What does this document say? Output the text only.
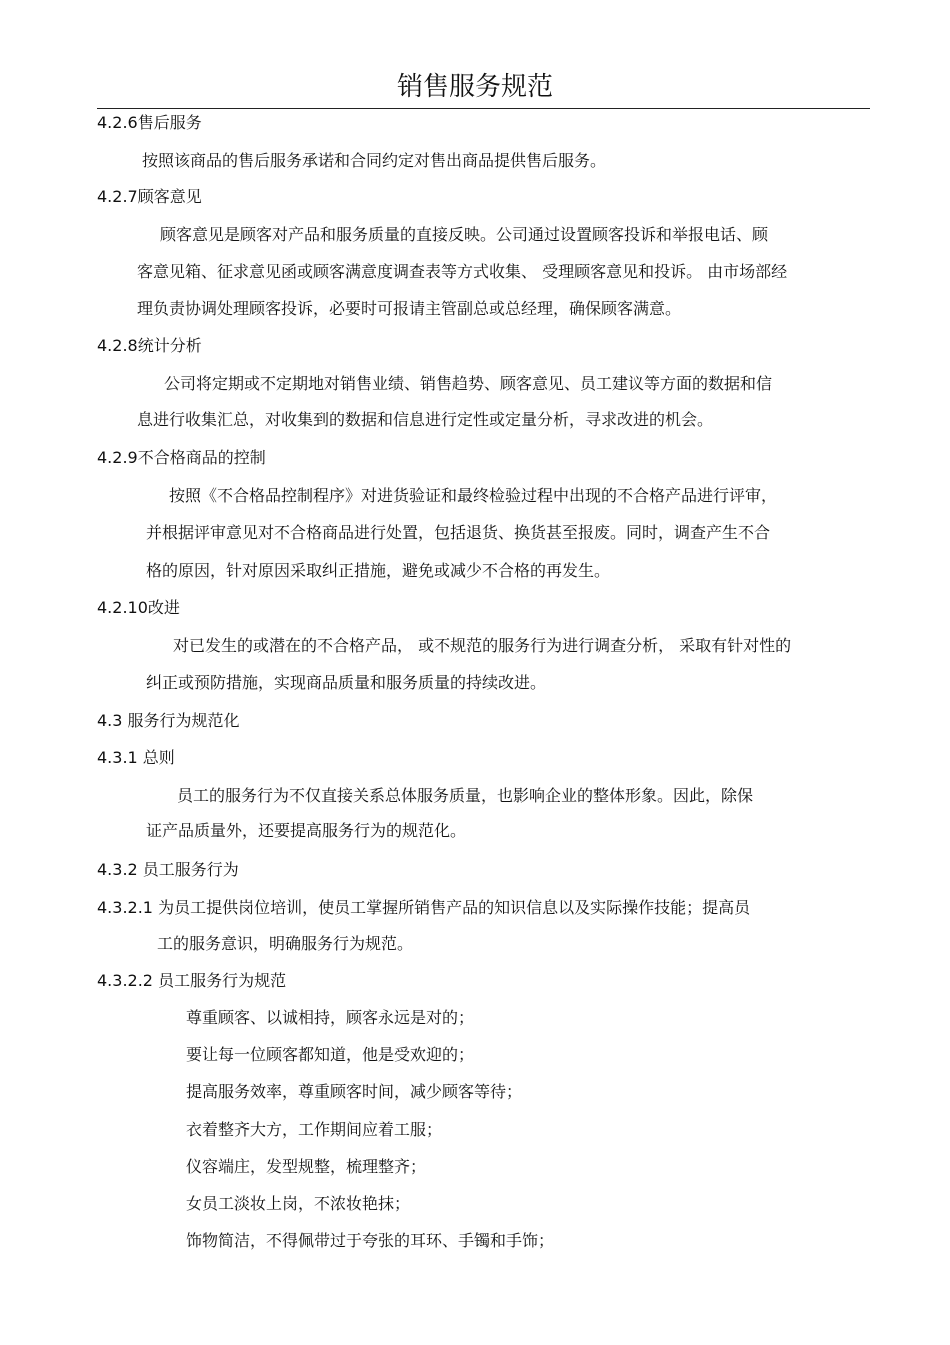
销售服务规范
4.2.6售后服务
按照该商品的售后服务承诺和合同约定对售出商品提供售后服务。
4.2.7顾客意见
顾客意见是顾客对产品和服务质量的直接反映。公司通过设置顾客投诉和举报电话、顾
客意见箱、征求意见函或顾客满意度调查表等方式收集、 受理顾客意见和投诉。 由市场部经
理负责协调处理顾客投诉，必要时可报请主管副总或总经理，确保顾客满意。
4.2.8统计分析
公司将定期或不定期地对销售业绩、销售趋势、顾客意见、员工建议等方面的数据和信
息进行收集汇总，对收集到的数据和信息进行定性或定量分析，寻求改进的机会。
4.2.9不合格商品的控制
按照《不合格品控制程序》对进货验证和最终检验过程中出现的不合格产品进行评审，
并根据评审意见对不合格商品进行处置，包括退货、换货甚至报废。同时，调查产生不合
格的原因，针对原因采取纠正措施，避免或减少不合格的再发生。
4.2.10改进
对已发生的或潜在的不合格产品， 或不规范的服务行为进行调查分析， 采取有针对性的
纠正或预防措施，实现商品质量和服务质量的持续改进。
4.3 服务行为规范化
4.3.1 总则
员工的服务行为不仅直接关系总体服务质量，也影响企业的整体形象。因此，除保
证产品质量外，还要提高服务行为的规范化。
4.3.2 员工服务行为
4.3.2.1 为员工提供岗位培训，使员工掌握所销售产品的知识信息以及实际操作技能；提高员
工的服务意识，明确服务行为规范。
4.3.2.2 员工服务行为规范
尊重顾客、以诚相持，顾客永远是对的；
要让每一位顾客都知道，他是受欢迎的；
提高服务效率，尊重顾客时间，减少顾客等待；
衣着整齐大方，工作期间应着工服；
仪容端庄，发型规整，梳理整齐；
女员工淡妆上岗，不浓妆艳抹；
饰物简洁，不得佩带过于夸张的耳环、手镯和手饰；
